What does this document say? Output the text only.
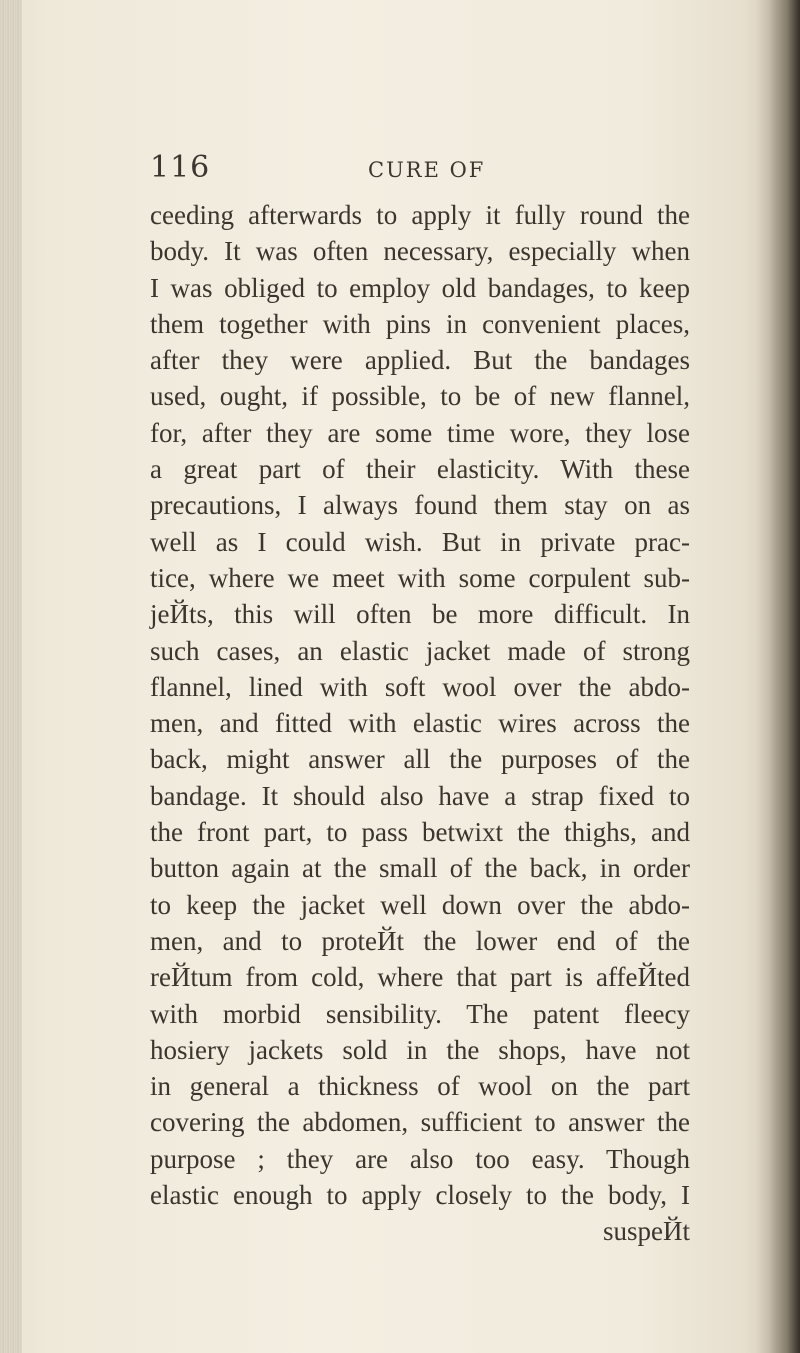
116	CURE OF
ceeding afterwards to apply it fully round the
body. It was often necessary, especially when
I was obliged to employ old bandages, to keep
them together with pins in convenient places,
after they were applied. But the bandages
used, ought, if possible, to be of new flannel,
for, after they are some time wore, they lose
a great part of their elasticity. With these
precautions, I always found them stay on as
well as I could wish. But in private prac-
tice, where we meet with some corpulent sub-
jeЙts, this will often be more difficult. In
such cases, an elastic jacket made of strong
flannel, lined with soft wool over the abdo-
men, and fitted with elastic wires across the
back, might answer all the purposes of the
bandage. It should also have a strap fixed to
the front part, to pass betwixt the thighs, and
button again at the small of the back, in order
to keep the jacket well down over the abdo-
men, and to proteЙt the lower end of the
reЙtum from cold, where that part is affeЙted
with morbid sensibility. The patent fleecy
hosiery jackets sold in the shops, have not
in general a thickness of wool on the part
covering the abdomen, sufficient to answer the
purpose ; they are also too easy. Though
elastic enough to apply closely to the body, I
suspeЙt
